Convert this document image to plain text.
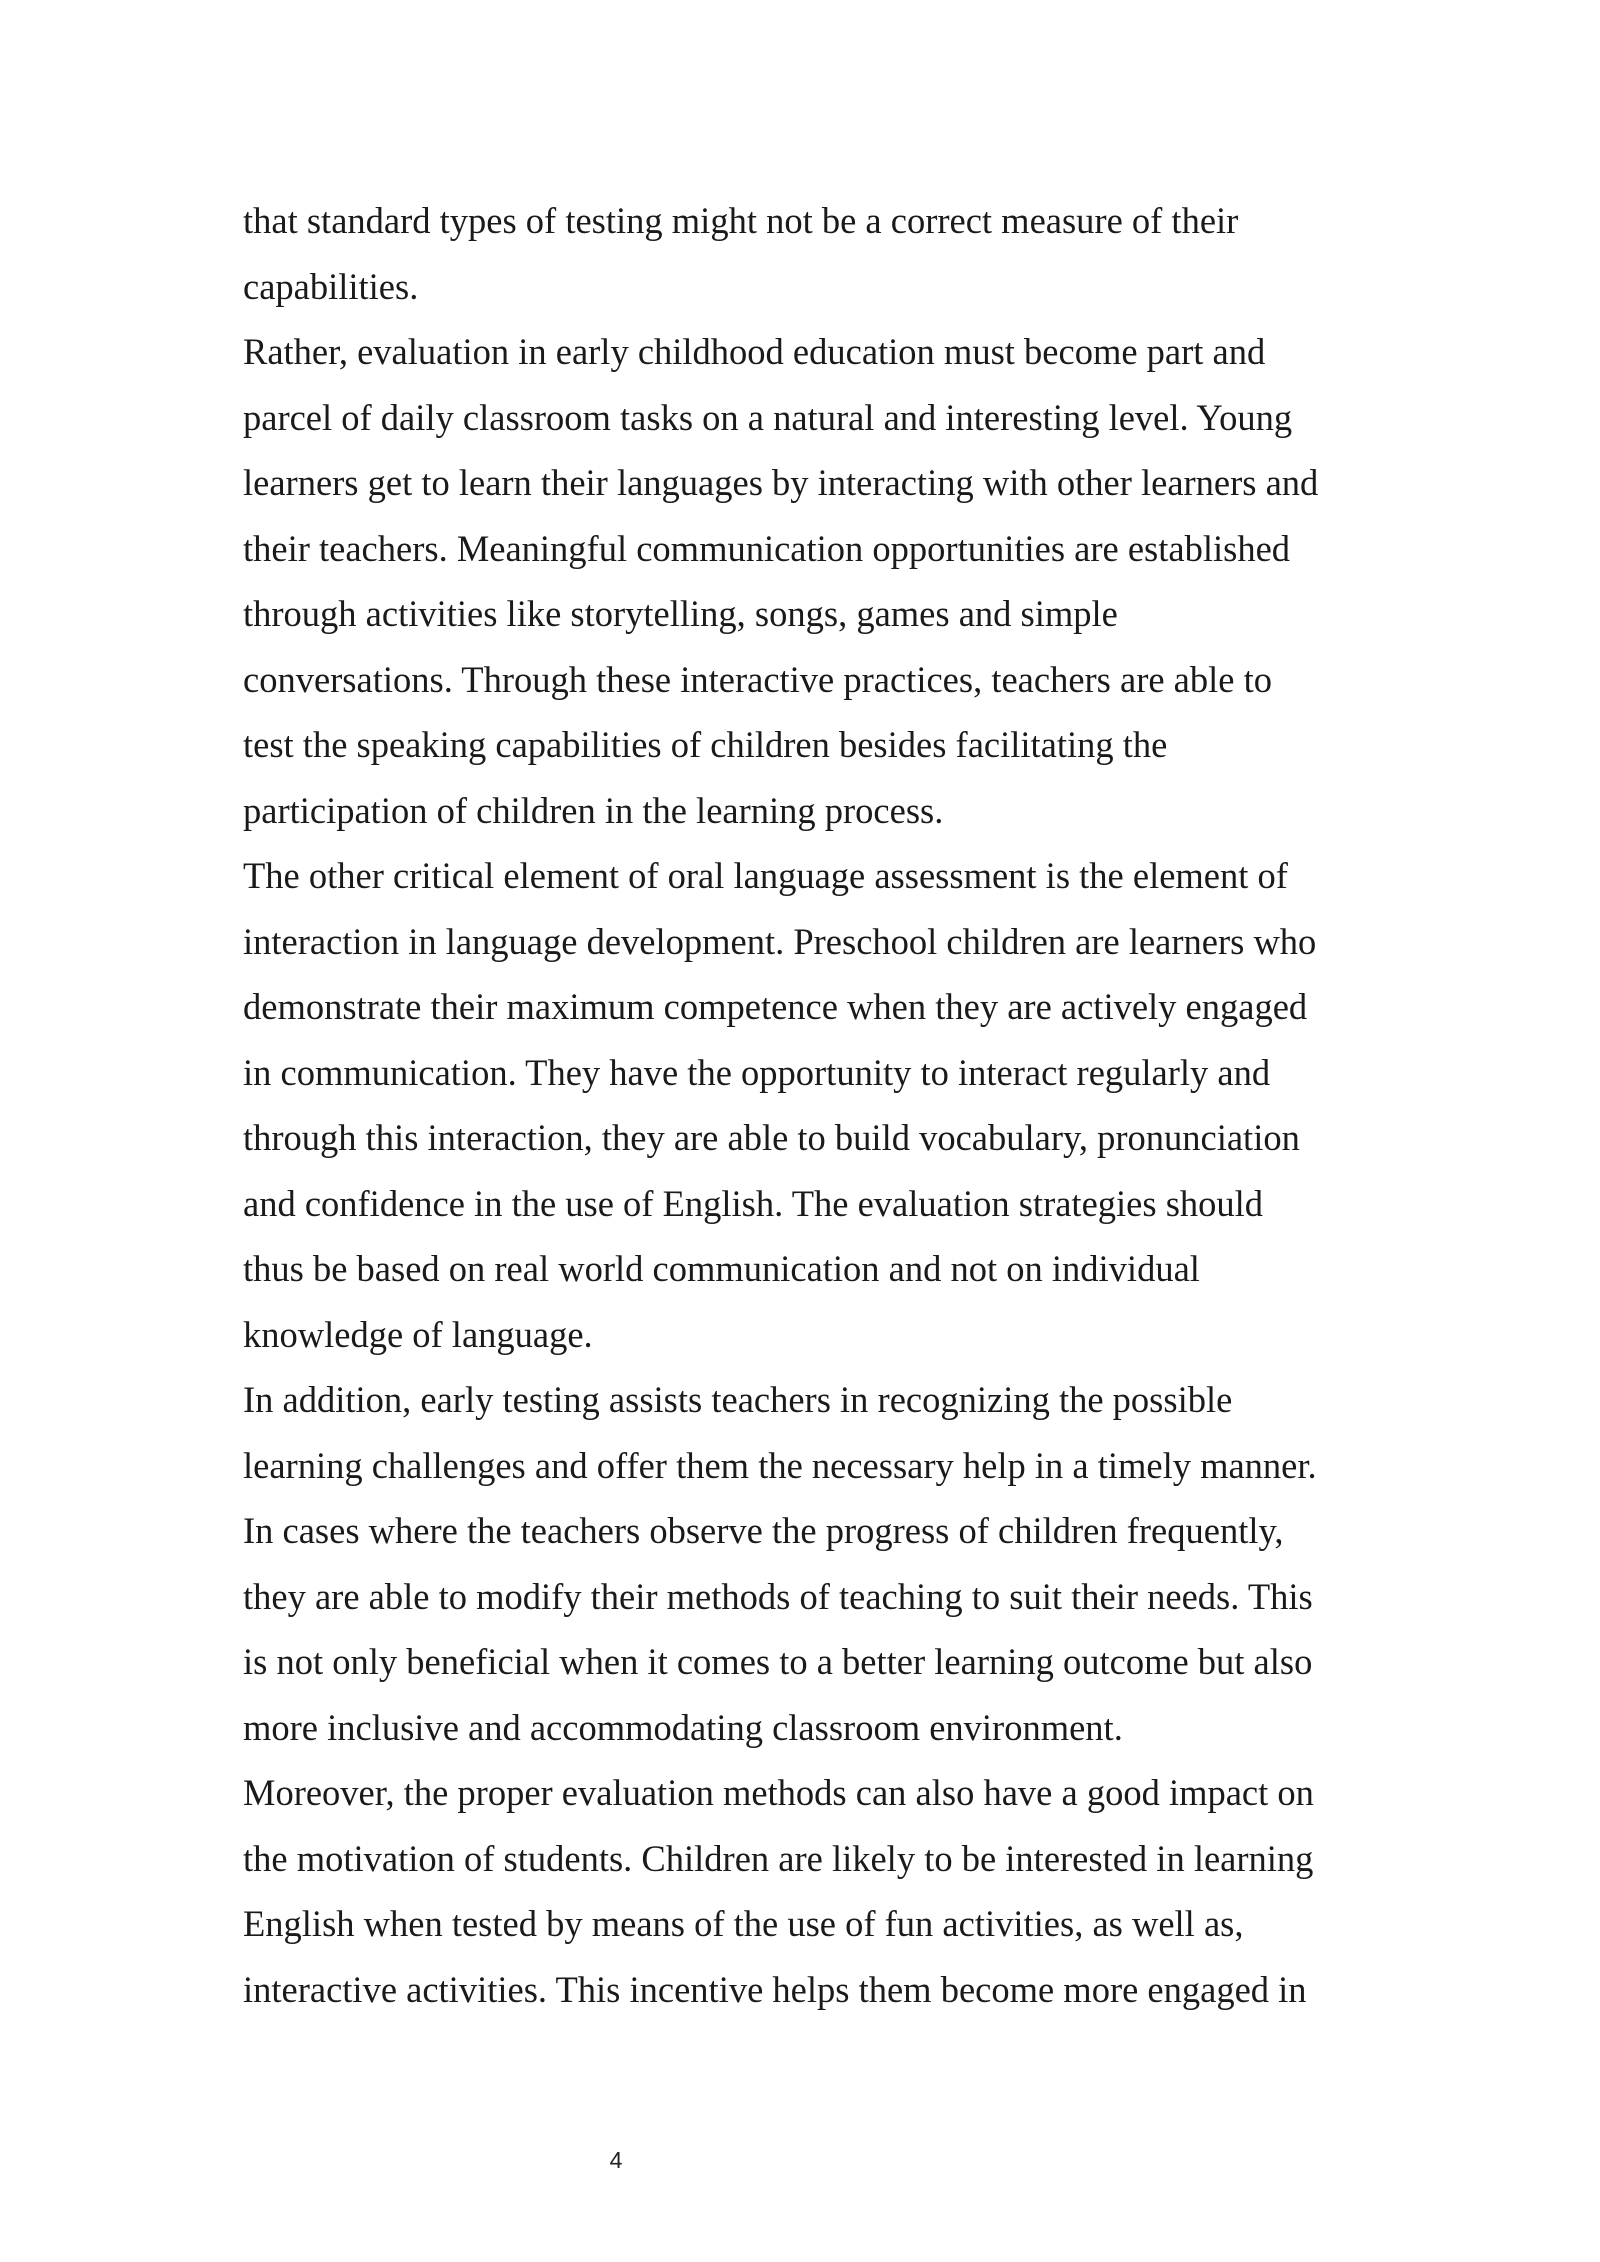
that standard types of testing might not be a correct measure of their
capabilities.
Rather, evaluation in early childhood education must become part and
parcel of daily classroom tasks on a natural and interesting level. Young
learners get to learn their languages by interacting with other learners and
their teachers. Meaningful communication opportunities are established
through activities like storytelling, songs, games and simple
conversations. Through these interactive practices, teachers are able to
test the speaking capabilities of children besides facilitating the
participation of children in the learning process.
The other critical element of oral language assessment is the element of
interaction in language development. Preschool children are learners who
demonstrate their maximum competence when they are actively engaged
in communication. They have the opportunity to interact regularly and
through this interaction, they are able to build vocabulary, pronunciation
and confidence in the use of English. The evaluation strategies should
thus be based on real world communication and not on individual
knowledge of language.
In addition, early testing assists teachers in recognizing the possible
learning challenges and offer them the necessary help in a timely manner.
In cases where the teachers observe the progress of children frequently,
they are able to modify their methods of teaching to suit their needs. This
is not only beneficial when it comes to a better learning outcome but also
more inclusive and accommodating classroom environment.
Moreover, the proper evaluation methods can also have a good impact on
the motivation of students. Children are likely to be interested in learning
English when tested by means of the use of fun activities, as well as,
interactive activities. This incentive helps them become more engaged in
4
